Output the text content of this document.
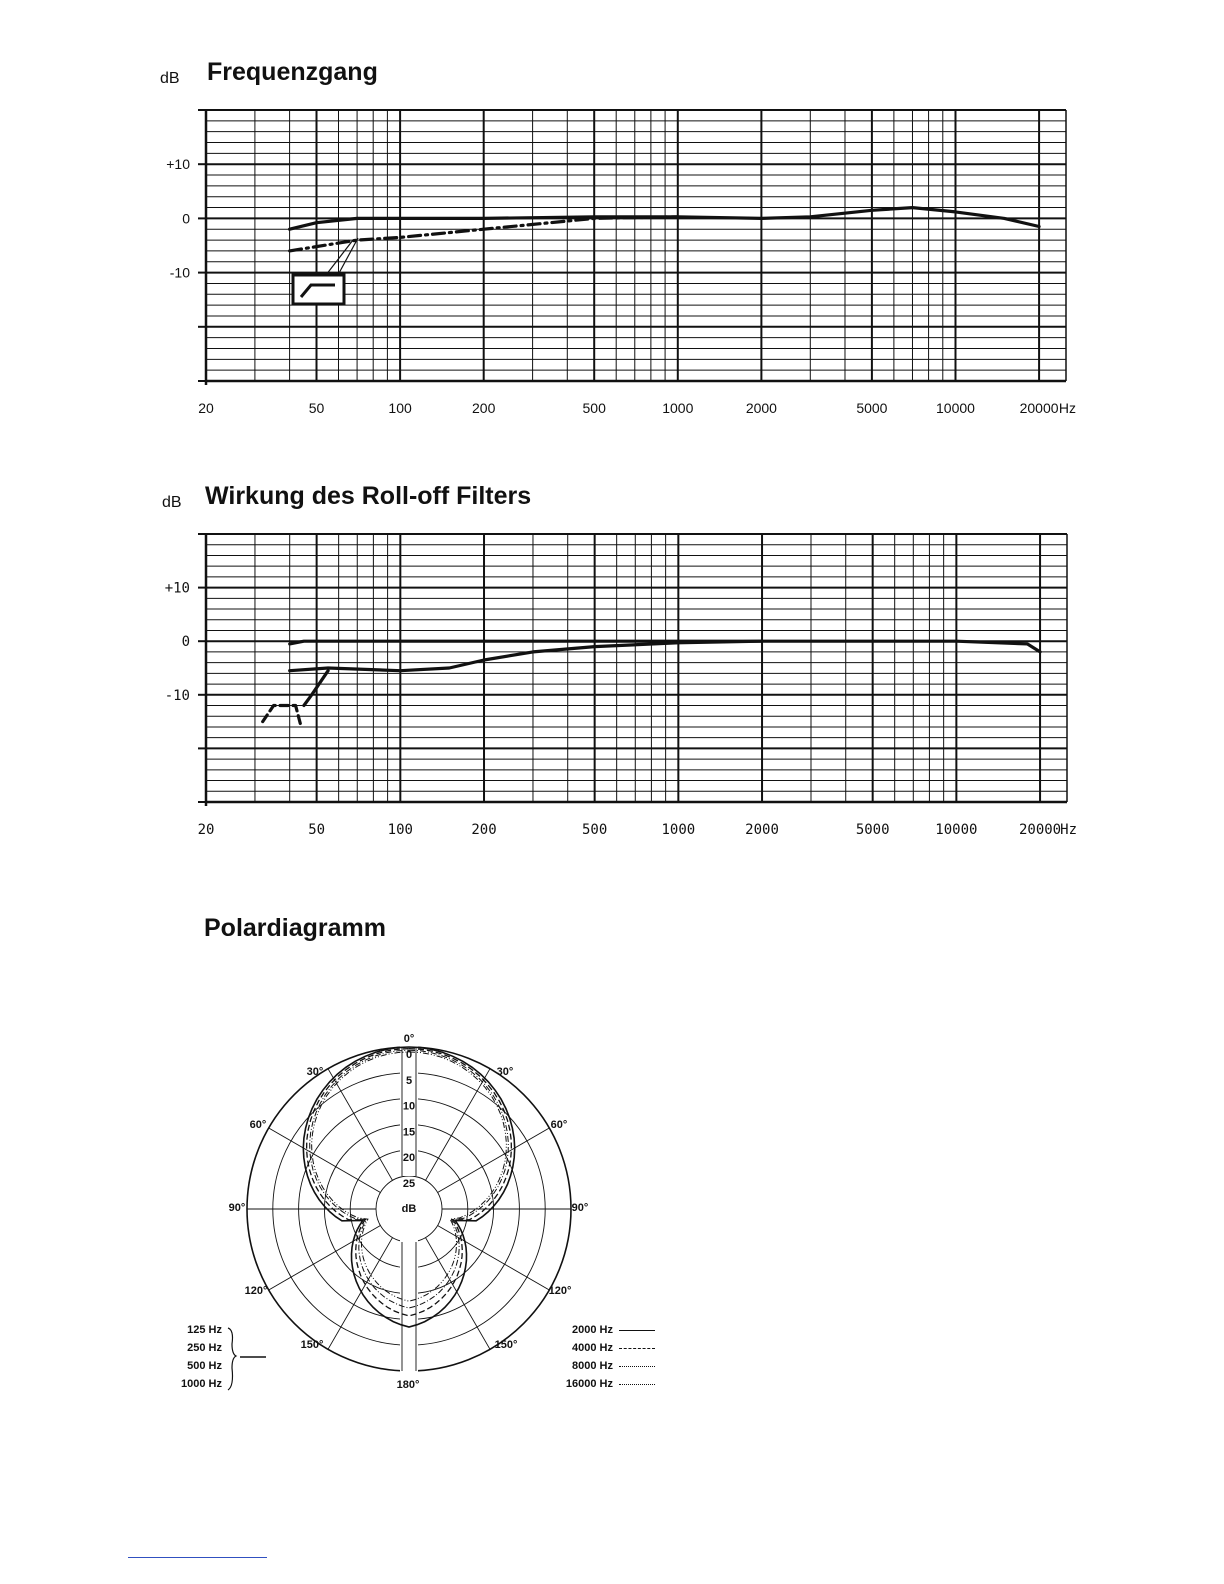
dB Frequenzgang
+10
0
-10
20	50	100	200	500	1000	2000	5000	10000	20000 Hz
dB Wirkung des Roll-off Filters
+10
0
-10
20	50	100	200	500	1000	2000	5000	10000	20000 Hz
Polardiagramm
0
5
10
15
20
25
dB
0°
180°
30°	30°
60°	60°
90°	90°
120°	120°
150°	150°
125 Hz
250 Hz
500 Hz
1000 Hz
2000 Hz
4000 Hz
8000 Hz
16000 Hz
